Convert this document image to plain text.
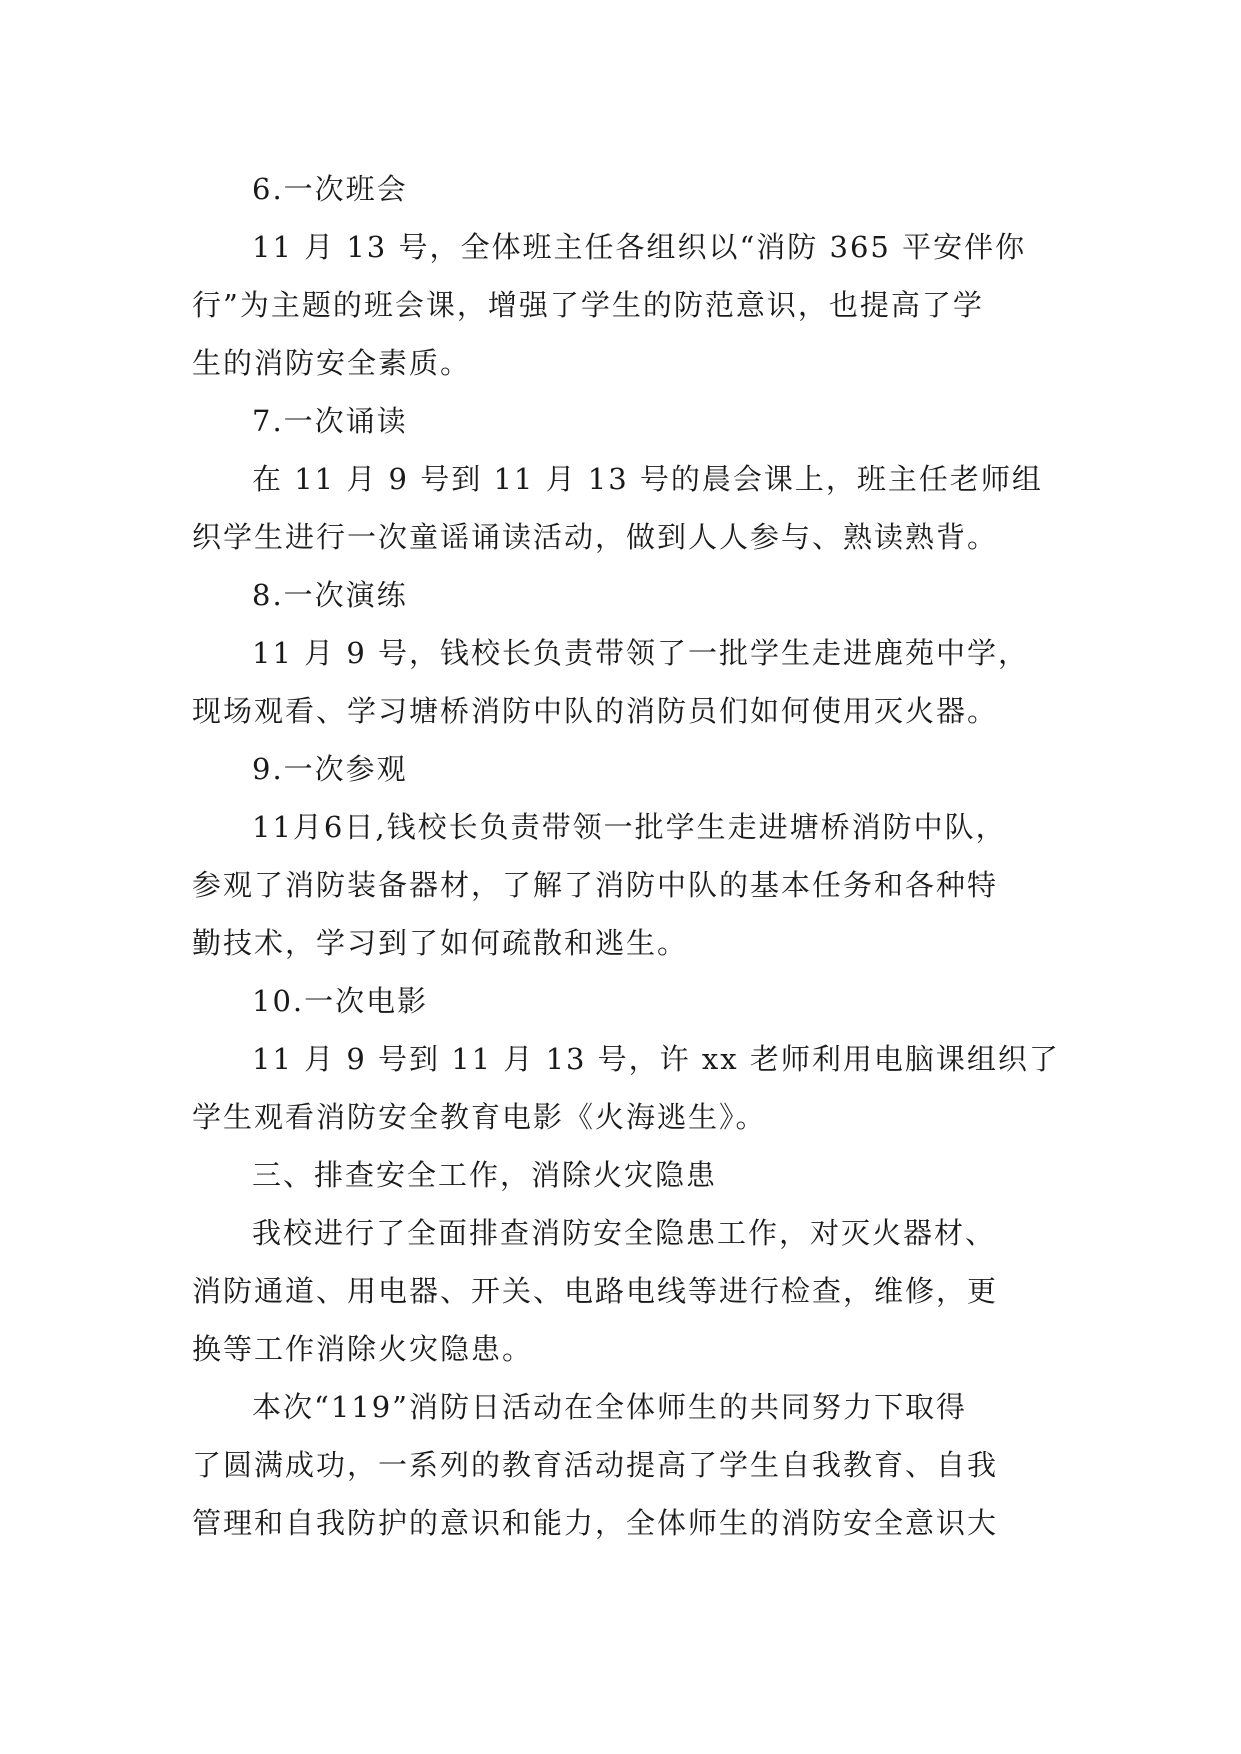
6.一次班会
11 月 13 号，全体班主任各组织以“消防 365 平安伴你
行”为主题的班会课，增强了学生的防范意识，也提高了学
生的消防安全素质。
7.一次诵读
在 11 月 9 号到 11 月 13 号的晨会课上，班主任老师组
织学生进行一次童谣诵读活动，做到人人参与、熟读熟背。
8.一次演练
11 月 9 号，钱校长负责带领了一批学生走进鹿苑中学，
现场观看、学习塘桥消防中队的消防员们如何使用灭火器。
9.一次参观
11月6日,钱校长负责带领一批学生走进塘桥消防中队，
参观了消防装备器材，了解了消防中队的基本任务和各种特
勤技术，学习到了如何疏散和逃生。
10.一次电影
11 月 9 号到 11 月 13 号，许 xx 老师利用电脑课组织了
学生观看消防安全教育电影《火海逃生》。
三、排查安全工作，消除火灾隐患
我校进行了全面排查消防安全隐患工作，对灭火器材、
消防通道、用电器、开关、电路电线等进行检查，维修，更
换等工作消除火灾隐患。
本次“119”消防日活动在全体师生的共同努力下取得
了圆满成功，一系列的教育活动提高了学生自我教育、自我
管理和自我防护的意识和能力，全体师生的消防安全意识大
